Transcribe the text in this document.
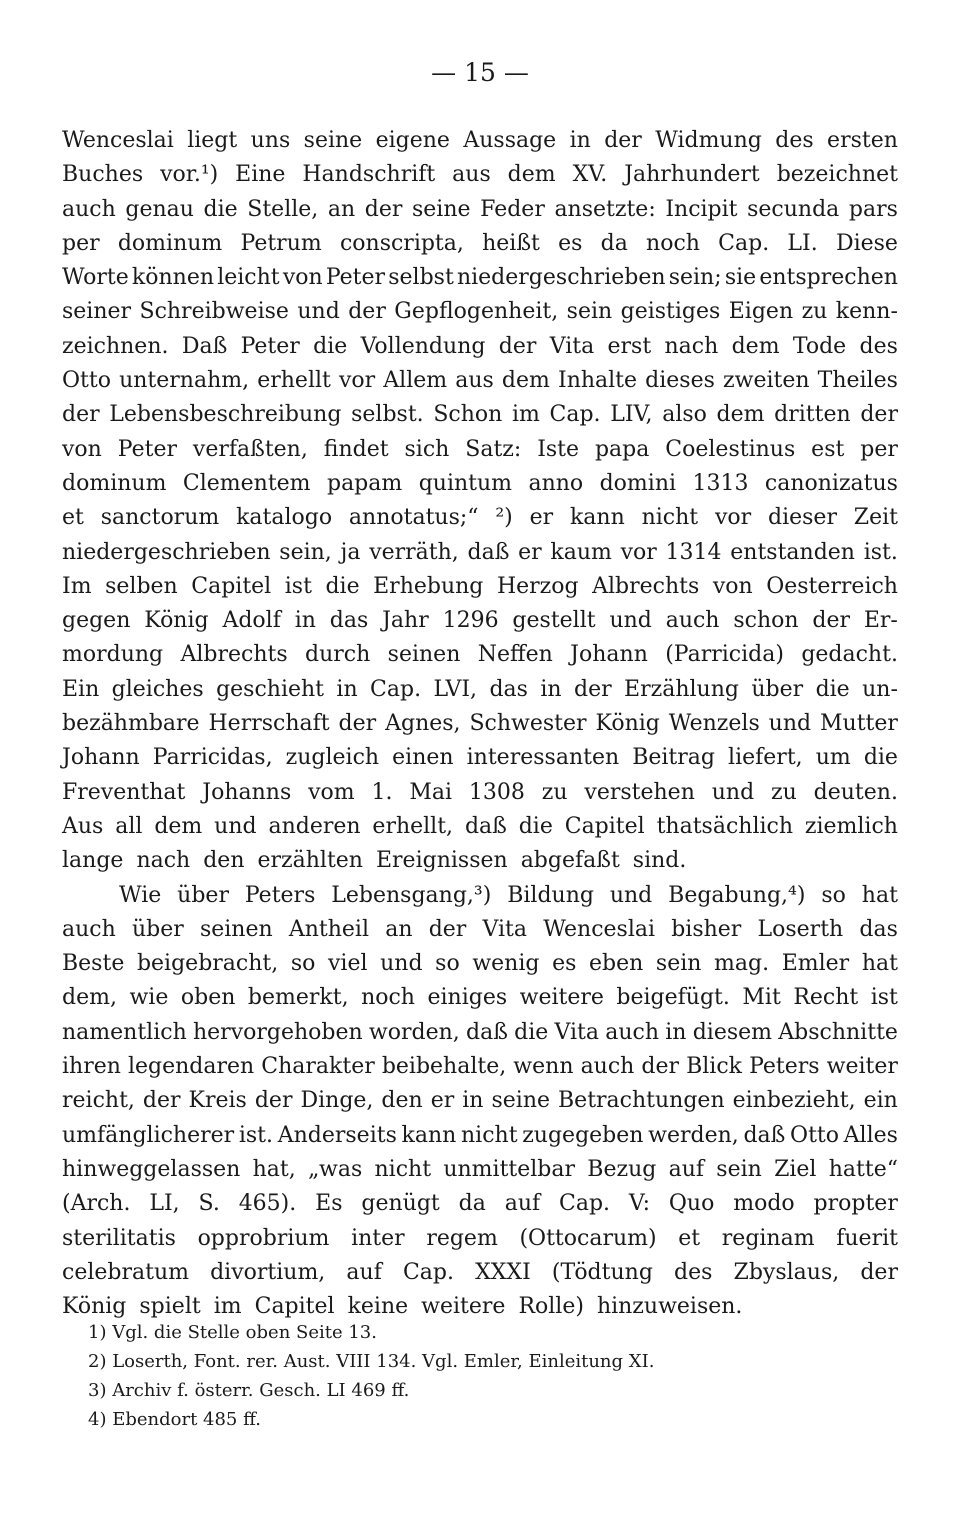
— 15 —
Wenceslai liegt uns seine eigene Aussage in der Widmung des ersten
Buches vor.¹) Eine Handschrift aus dem XV. Jahrhundert bezeichnet
auch genau die Stelle, an der seine Feder ansetzte: Incipit secunda pars
per dominum Petrum conscripta, heißt es da noch Cap. LI. Diese
Worte können leicht von Peter selbst niedergeschrieben sein; sie entsprechen
seiner Schreibweise und der Gepflogenheit, sein geistiges Eigen zu kenn-
zeichnen. Daß Peter die Vollendung der Vita erst nach dem Tode des
Otto unternahm, erhellt vor Allem aus dem Inhalte dieses zweiten Theiles
der Lebensbeschreibung selbst. Schon im Cap. LIV, also dem dritten der
von Peter verfaßten, findet sich Satz: Iste papa Coelestinus est per
dominum Clementem papam quintum anno domini 1313 canonizatus
et sanctorum katalogo annotatus;“ ²) er kann nicht vor dieser Zeit
niedergeschrieben sein, ja verräth, daß er kaum vor 1314 entstanden ist.
Im selben Capitel ist die Erhebung Herzog Albrechts von Oesterreich
gegen König Adolf in das Jahr 1296 gestellt und auch schon der Er-
mordung Albrechts durch seinen Neffen Johann (Parricida) gedacht.
Ein gleiches geschieht in Cap. LVI, das in der Erzählung über die un-
bezähmbare Herrschaft der Agnes, Schwester König Wenzels und Mutter
Johann Parricidas, zugleich einen interessanten Beitrag liefert, um die
Freventhat Johanns vom 1. Mai 1308 zu verstehen und zu deuten.
Aus all dem und anderen erhellt, daß die Capitel thatsächlich ziemlich
lange nach den erzählten Ereignissen abgefaßt sind.
Wie über Peters Lebensgang,³) Bildung und Begabung,⁴) so hat
auch über seinen Antheil an der Vita Wenceslai bisher Loserth das
Beste beigebracht, so viel und so wenig es eben sein mag. Emler hat
dem, wie oben bemerkt, noch einiges weitere beigefügt. Mit Recht ist
namentlich hervorgehoben worden, daß die Vita auch in diesem Abschnitte
ihren legendaren Charakter beibehalte, wenn auch der Blick Peters weiter
reicht, der Kreis der Dinge, den er in seine Betrachtungen einbezieht, ein
umfänglicherer ist. Anderseits kann nicht zugegeben werden, daß Otto Alles
hinweggelassen hat, „was nicht unmittelbar Bezug auf sein Ziel hatte“
(Arch. LI, S. 465). Es genügt da auf Cap. V: Quo modo propter
sterilitatis opprobrium inter regem (Ottocarum) et reginam fuerit
celebratum divortium, auf Cap. XXXI (Tödtung des Zbyslaus, der
König spielt im Capitel keine weitere Rolle) hinzuweisen.
1) Vgl. die Stelle oben Seite 13.
2) Loserth, Font. rer. Aust. VIII 134. Vgl. Emler, Einleitung XI.
3) Archiv f. österr. Gesch. LI 469 ff.
4) Ebendort 485 ff.
